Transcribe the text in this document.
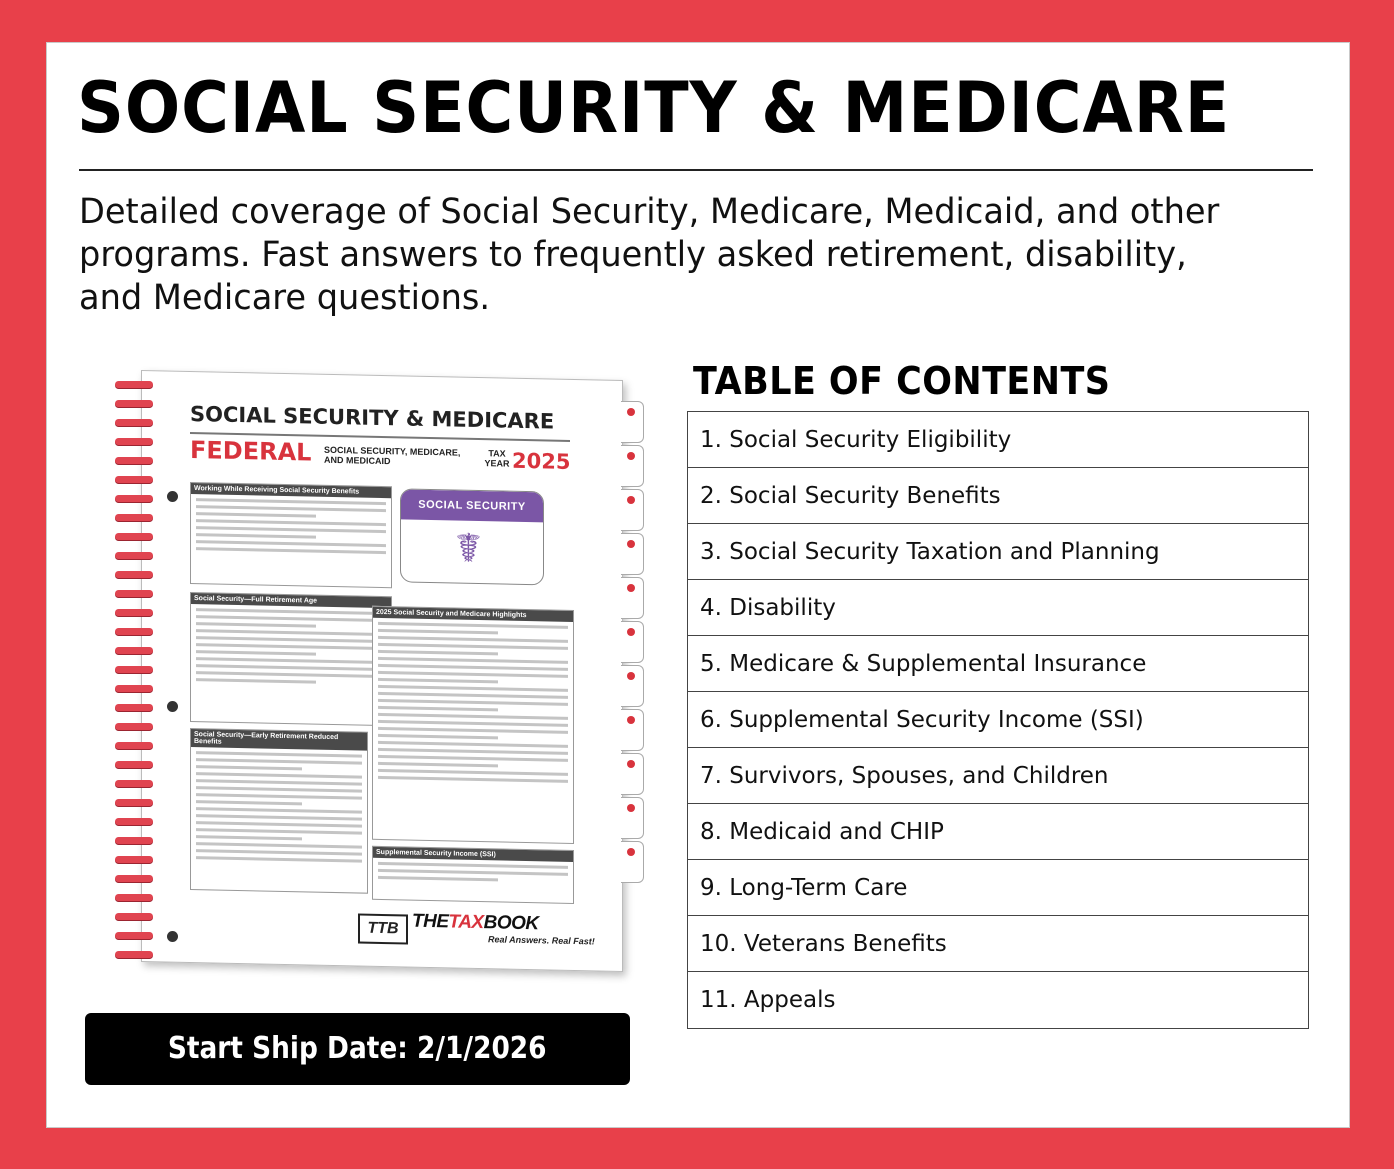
SOCIAL SECURITY & MEDICARE

Detailed coverage of Social Security, Medicare, Medicaid, and other programs. Fast answers to frequently asked retirement, disability, and Medicare questions.

SOCIAL SECURITY & MEDICARE
FEDERAL SOCIAL SECURITY, MEDICARE, AND MEDICAID
TAX YEAR 2025
Working While Receiving Social Security Benefits
SOCIAL SECURITY
☤
Social Security—Full Retirement Age
2025 Social Security and Medicare Highlights
Social Security—Early Retirement Reduced Benefits
Supplemental Security Income (SSI)
TTB THETAXBOOK
Real Answers. Real Fast!
Start Ship Date: 2/1/2026
TABLE OF CONTENTS
1. Social Security Eligibility
2. Social Security Benefits
3. Social Security Taxation and Planning
4. Disability
5. Medicare & Supplemental Insurance
6. Supplemental Security Income (SSI)
7. Survivors, Spouses, and Children
8. Medicaid and CHIP
9. Long-Term Care
10. Veterans Benefits
11. Appeals
